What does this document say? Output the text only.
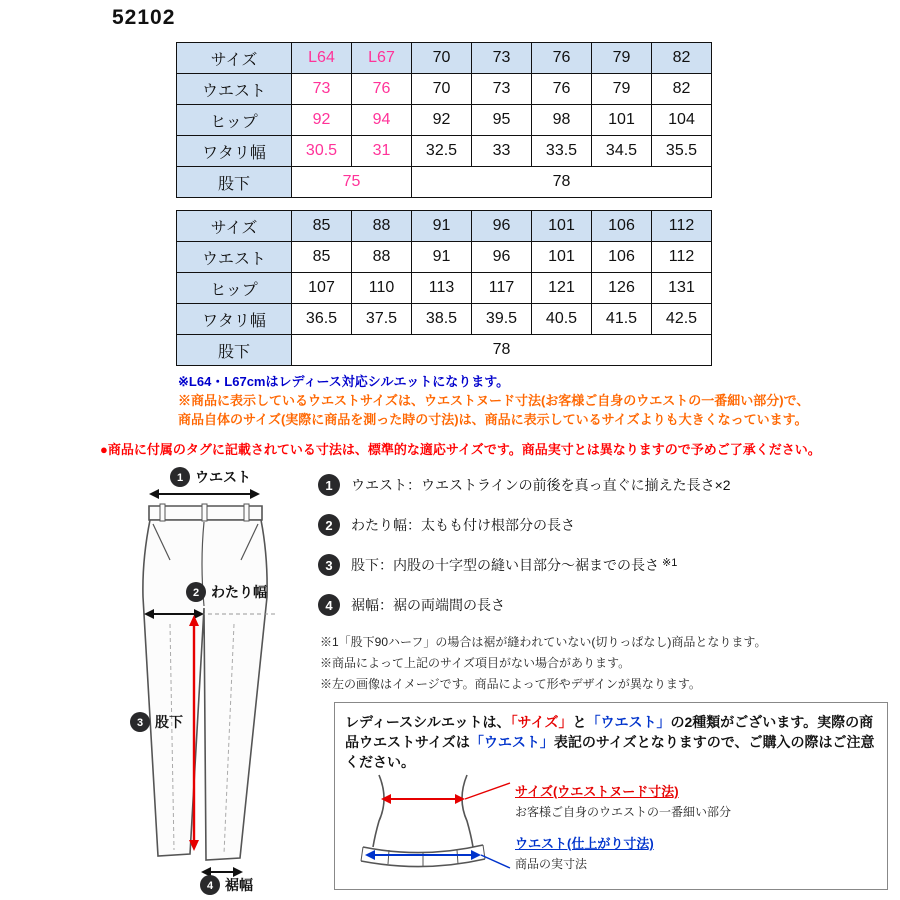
52102
サイズ	L64	L67	70	73	76	79	82
ウエスト	73	76	70	73	76	79	82
ヒップ	92	94	92	95	98	101	104
ワタリ幅	30.5	31	32.5	33	33.5	34.5	35.5
股下	75		78				
サイズ	85	88	91	96	101	106	112
ウエスト	85	88	91	96	101	106	112
ヒップ	107	110	113	117	121	126	131
ワタリ幅	36.5	37.5	38.5	39.5	40.5	41.5	42.5
股下	78						
※L64・L67cmはレディース対応シルエットになります。
※商品に表示しているウエストサイズは、ウエストヌード寸法(お客様ご自身のウエストの一番細い部分)で、
商品自体のサイズ(実際に商品を測った時の寸法)は、商品に表示しているサイズよりも大きくなっています。
●商品に付属のタグに記載されている寸法は、標準的な適応サイズです。商品実寸とは異なりますので予めご了承ください。
1 ウエスト
2 わたり幅
3 股下
4 裾幅
1	ウエスト：ウエストラインの前後を真っ直ぐに揃えた長さ×2
2	わたり幅：太もも付け根部分の長さ
3	股下：内股の十字型の縫い目部分〜裾までの長さ ※1
4	裾幅：裾の両端間の長さ
※1「股下90ハーフ」の場合は裾が縫われていない(切りっぱなし)商品となります。
※商品によって上記のサイズ項目がない場合があります。
※左の画像はイメージです。商品によって形やデザインが異なります。

レディースシルエットは、「サイズ」と「ウエスト」の2種類がございます。実際の商品ウエストサイズは「ウエスト」表記のサイズとなりますので、ご購入の際はご注意ください。

サイズ(ウエストヌード寸法)
お客様ご自身のウエストの一番細い部分
ウエスト(仕上がり寸法)
商品の実寸法
